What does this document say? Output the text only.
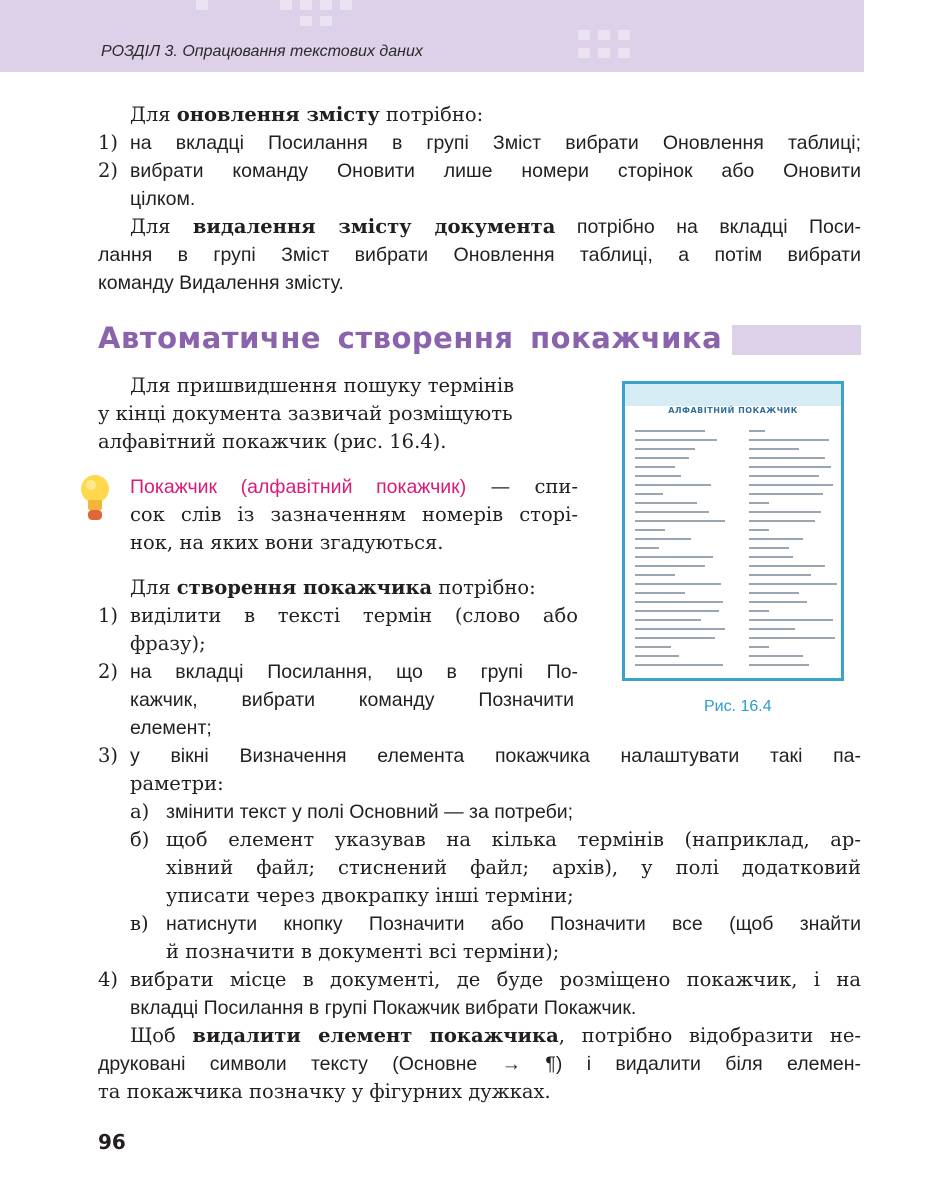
РОЗДІЛ 3. Опрацювання текстових даних
Для оновлення змісту потрібно:
1) на вкладці Посилання в групі Зміст вибрати Оновлення таблиці;
2) вибрати команду Оновити лише номери сторінок або Оновити
цілком.
Для видалення змісту документа потрібно на вкладці Поси-
лання в групі Зміст вибрати Оновлення таблиці, а потім вибрати
команду Видалення змісту.
Автоматичне створення покажчика
Для пришвидшення пошуку термінів
у кінці документа зазвичай розміщують
алфавітний покажчик (рис. 16.4).
Покажчик (алфавітний покажчик) — спи-
сок слів із зазначенням номерів сторі-
нок, на яких вони згадуються.
Для створення покажчика потрібно:
1) виділити в тексті термін (слово або
фразу);
2) на вкладці Посилання, що в групі По-
кажчик, вибрати команду Позначити
елемент;
3) у вікні Визначення елемента покажчика налаштувати такі па-
раметри:
а) змінити текст у полі Основний — за потреби;
б) щоб елемент указував на кілька термінів (наприклад, ар-
хівний файл; стиснений файл; архів), у полі додатковий
уписати через двокрапку інші терміни;
в) натиснути кнопку Позначити або Позначити все (щоб знайти
й позначити в документі всі терміни);
4) вибрати місце в документі, де буде розміщено покажчик, і на
вкладці Посилання в групі Покажчик вибрати Покажчик.
Щоб видалити елемент покажчика, потрібно відобразити не-
друковані символи тексту (Основне → ¶) і видалити біля елемен-
та покажчика позначку у фігурних дужках.
АЛФАВІТНИЙ ПОКАЖЧИК
Рис. 16.4
96
